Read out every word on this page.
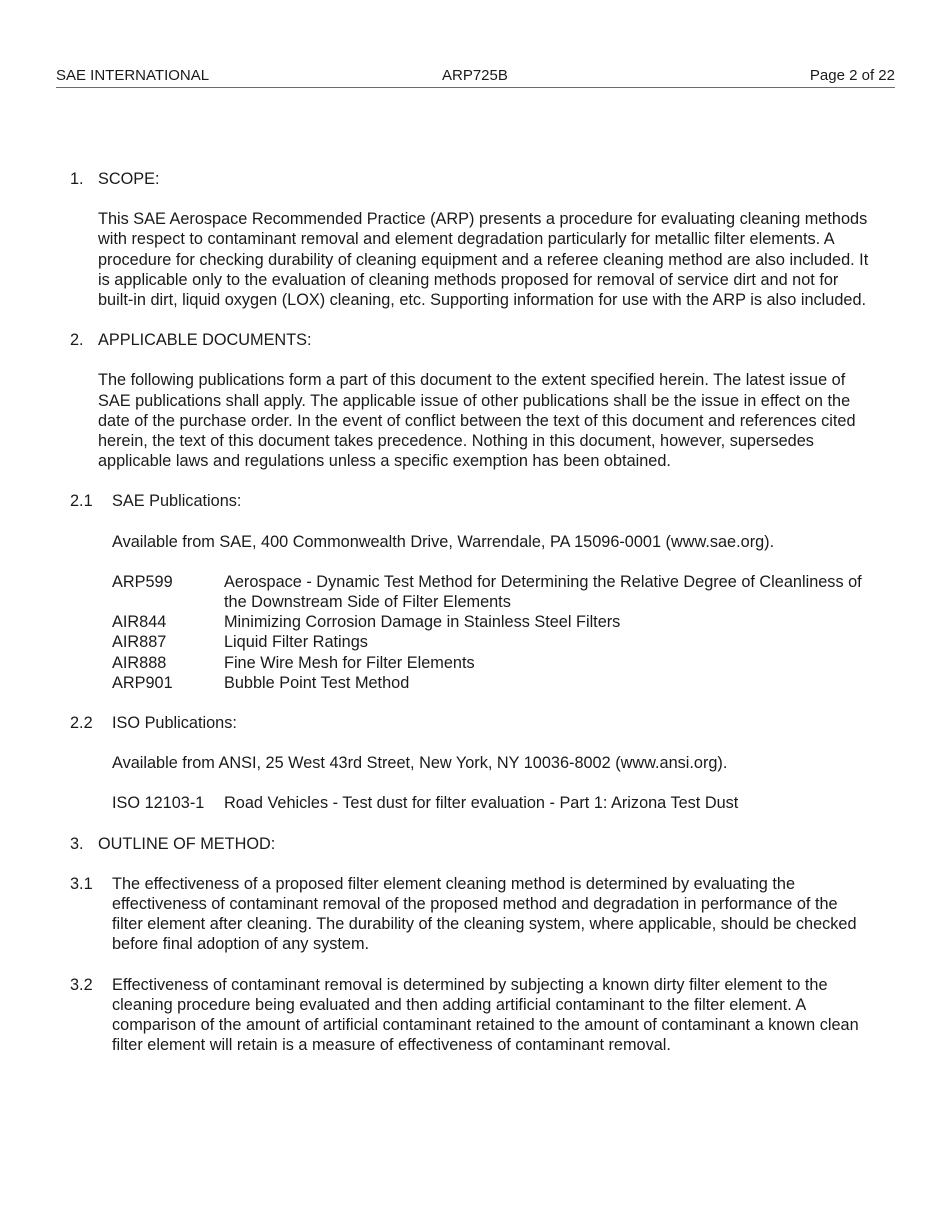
SAE INTERNATIONAL	ARP725B	Page 2 of 22
1. SCOPE:
This SAE Aerospace Recommended Practice (ARP) presents a procedure for evaluating cleaning methods with respect to contaminant removal and element degradation particularly for metallic filter elements. A procedure for checking durability of cleaning equipment and a referee cleaning method are also included. It is applicable only to the evaluation of cleaning methods proposed for removal of service dirt and not for built-in dirt, liquid oxygen (LOX) cleaning, etc. Supporting information for use with the ARP is also included.
2. APPLICABLE DOCUMENTS:
The following publications form a part of this document to the extent specified herein. The latest issue of SAE publications shall apply. The applicable issue of other publications shall be the issue in effect on the date of the purchase order. In the event of conflict between the text of this document and references cited herein, the text of this document takes precedence. Nothing in this document, however, supersedes applicable laws and regulations unless a specific exemption has been obtained.
2.1	SAE Publications:
Available from SAE, 400 Commonwealth Drive, Warrendale, PA 15096-0001 (www.sae.org).
ARP599	Aerospace - Dynamic Test Method for Determining the Relative Degree of Cleanliness of the Downstream Side of Filter Elements
AIR844	Minimizing Corrosion Damage in Stainless Steel Filters
AIR887	Liquid Filter Ratings
AIR888	Fine Wire Mesh for Filter Elements
ARP901	Bubble Point Test Method
2.2	ISO Publications:
Available from ANSI, 25 West 43rd Street, New York, NY 10036-8002 (www.ansi.org).
ISO 12103-1	Road Vehicles - Test dust for filter evaluation - Part 1: Arizona Test Dust
3. OUTLINE OF METHOD:
3.1	The effectiveness of a proposed filter element cleaning method is determined by evaluating the effectiveness of contaminant removal of the proposed method and degradation in performance of the filter element after cleaning. The durability of the cleaning system, where applicable, should be checked before final adoption of any system.
3.2	Effectiveness of contaminant removal is determined by subjecting a known dirty filter element to the cleaning procedure being evaluated and then adding artificial contaminant to the filter element. A comparison of the amount of artificial contaminant retained to the amount of contaminant a known clean filter element will retain is a measure of effectiveness of contaminant removal.
